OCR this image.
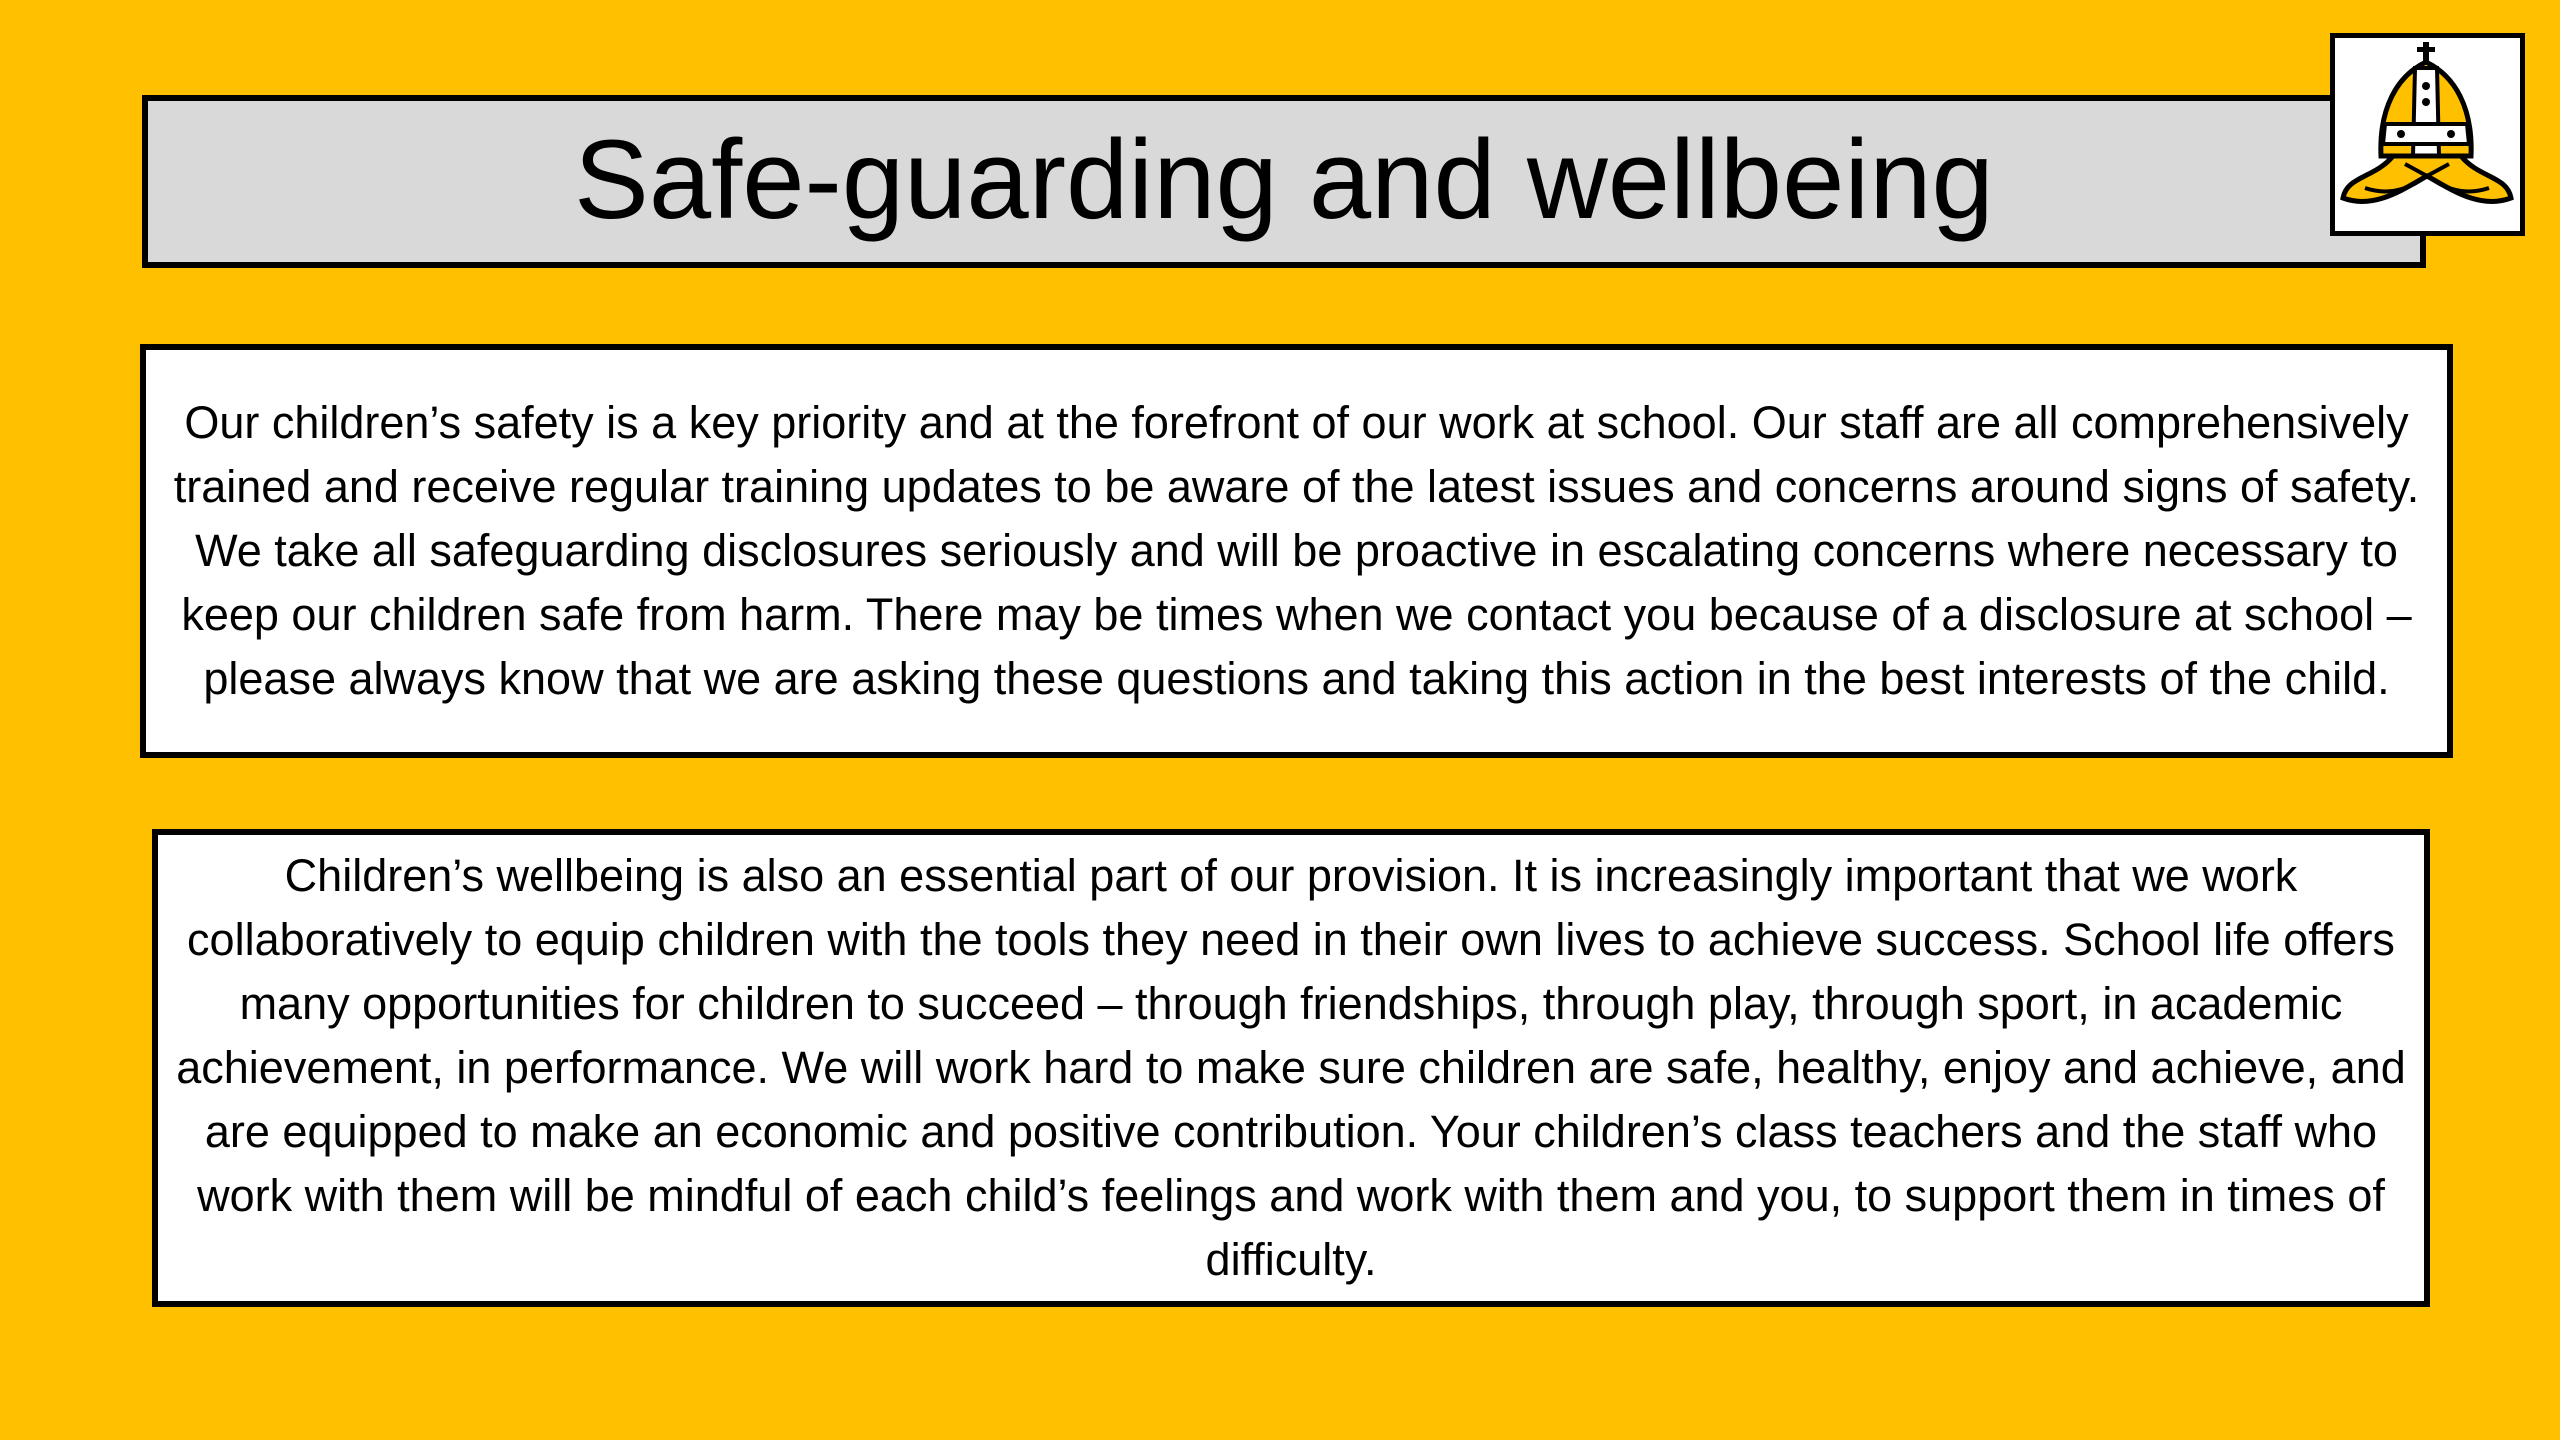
Safe-guarding and wellbeing

Our children’s safety is a key priority and at the forefront of our work at school. Our staff are all comprehensively trained and receive regular training updates to be aware of the latest issues and concerns around signs of safety. We take all safeguarding disclosures seriously and will be proactive in escalating concerns where necessary to keep our children safe from harm. There may be times when we contact you because of a disclosure at school – please always know that we are asking these questions and taking this action in the best interests of the child.

Children’s wellbeing is also an essential part of our provision. It is increasingly important that we work collaboratively to equip children with the tools they need in their own lives to achieve success. School life offers many opportunities for children to succeed – through friendships, through play, through sport, in academic achievement, in performance. We will work hard to make sure children are safe, healthy, enjoy and achieve, and are equipped to make an economic and positive contribution. Your children’s class teachers and the staff who work with them will be mindful of each child’s feelings and work with them and you, to support them in times of difficulty.
